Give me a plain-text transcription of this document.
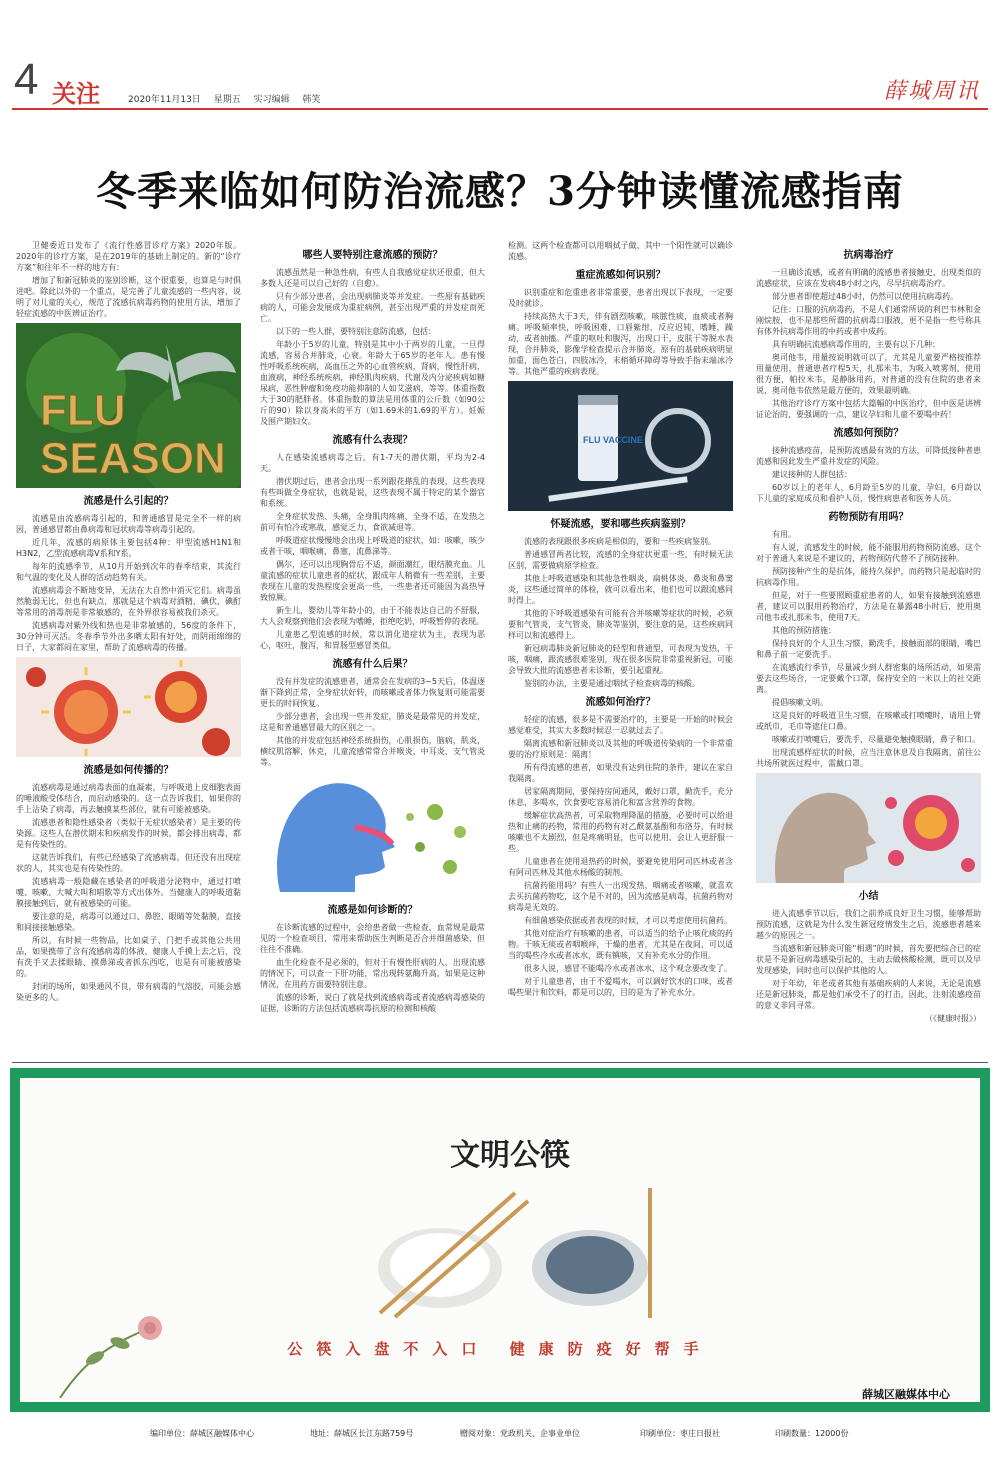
4 关注	2020年11月13日 星期五 实习编辑 韩笑	薛城周讯
冬季来临如何防治流感？3分钟读懂流感指南

卫健委近日发布了《流行性感冒诊疗方案》2020年版。2020年的诊疗方案，是在2019年的基础上制定的。新的“诊疗方案”和往年不一样的地方有：

增加了和新冠肺炎的鉴别诊断，这个很重要，也算是与时俱进吧。除此以外的一个重点，是完善了儿童流感的一些内容，说明了对儿童的关心，规范了流感抗病毒药物的使用方法，增加了轻症流感的中医辨证治疗。

FLU
SEASON
流感是什么引起的？

流感是由流感病毒引起的，和普通感冒是完全不一样的病因，普通感冒都由鼻病毒和冠状病毒等病毒引起的。

近几年，流感的病原体主要包括4种：甲型流感H1N1和H3N2，乙型流感病毒V系和Y系。

每年的流感季节，从10月开始到次年的春季结束，其流行和气温的变化及人群的活动趋势有关。

流感病毒会不断地变异，无法在大自然中消灭它们。病毒虽然脆弱无比，但也有缺点，那就是这个病毒对酒精、碘伏、碘酊等常用的消毒剂是非常敏感的，在外界很容易被我们杀灭。

流感病毒对紫外线和热也是非常敏感的，56度的条件下，30分钟可灭活。冬春季节外出多晒太阳有好处，而阴雨绵绵的日子，大家都闷在家里，帮助了流感病毒的传播。

流感是如何传播的？

流感病毒是通过病毒表面的血凝素，与呼吸道上皮细胞表面的唾液酸受体结合，而启动感染的。这一点告诉我们，如果你的手上沾染了病毒，再去触摸某些部位，就有可能被感染。

流感患者和隐性感染者（类似于无症状感染者）是主要的传染源。这些人在潜伏期末和疾病发作的时候，都会排出病毒，都是有传染性的。

这就告诉我们，有些已经感染了流感病毒，但还没有出现症状的人，其实也是有传染性的。

流感病毒一般隐藏在感染者的呼吸道分泌物中，通过打喷嚏、咳嗽、大喊大叫和唱歌等方式出体外。当健康人的呼吸道黏膜接触到后，就有被感染的可能。

要注意的是，病毒可以通过口、鼻腔、眼睛等处黏膜，直接和间接接触感染。

所以，有时候一些物品，比如桌子、门把手或其他公共用品，如果携带了含有流感病毒的体液，健康人手摸上去之后，没有洗手又去揉眼睛、摸鼻涕或者抓东西吃，也是有可能被感染的。

封闭的场所，如果通风不良，带有病毒的气溶胶，可能会感染更多的人。

哪些人要特别注意流感的预防？

流感虽然是一种急性病，有些人自我感觉症状还很重，但大多数人还是可以自己好的（自愈）。

只有少部分患者，会出现病肺炎等并发症。一些原有基础疾病的人，可能会发展成为重症病例，甚至出现严重的并发症而死亡。

以下的一些人群，要特别注意防流感，包括：

年龄小于5岁的儿童，特别是其中小于两岁的儿童，一旦得流感，容易合并肺炎，心衰。年龄大于65岁的老年人。患有慢性呼吸系统疾病，高血压之外的心血管疾病，肾病，慢性肝病，血液病，神经系统疾病，神经肌肉疾病，代谢及内分泌疾病如糖尿病，恶性肿瘤和免疫功能抑制的人如艾滋病，等等。体重指数大于30的肥胖者。体重指数的算法是用体重的公斤数（如90公斤的90）除以身高米的平方（如1.69米的1.69的平方）。妊娠及围产期妇女。

流感有什么表现？

人在感染流感病毒之后，有1-7天的潜伏期，平均为2-4天。

潜伏期过后，患者会出现一系列跟花搽乱的表现，这些表现有些叫做全身症状，也就是说，这些表现不属于特定的某个器官和系统。

全身症状发热、头痛，全身肌肉疼痛，全身不适，在发热之前可有怕冷或寒战，感觉乏力，食欲减退等。

呼吸道症状慢慢地会出现上呼吸道的症状，如：咳嗽，咳少或者干咳，咽喉痛，鼻塞，流鼻涕等。

偶尔，还可以出现胸骨后不适，颜面潮红，眼结膜充血。儿童流感的症状儿童患者的症状，跟成年人稍微有一些差别，主要表现在儿童的发热程度会更高一些，一些患者还可能因为高热导致惊厥。

新生儿，婴幼儿等年龄小的，由于不能表达自己的不舒服，大人会观察到他们会表现为嗜睡，拒绝吃奶，呼吸暂停的表现。

儿童患乙型流感的时候，常以消化道症状为主，表现为恶心，呕吐，腹泻，和胃肠型感冒类似。

流感有什么后果？

没有并发症的流感患者，通常会在发病的3~5天后，体温逐渐下降到正常，全身症状好转，而咳嗽或者体力恢复则可能需要更长的时间恢复。

少部分患者，会出现一些并发症，肺炎是最常见的并发症，这是和普通感冒最大的区别之一。

其他的并发症包括神经系统损伤，心肌损伤，脑病，肌炎，横纹肌溶解，休克，儿童流感常常合并喉炎，中耳炎，支气管炎等。

流感是如何诊断的？

在诊断流感的过程中，会给患者做一些检查，血常规是最常见的一个检查项目，常用来帮助医生判断是否合并细菌感染，但往往不准确。

血生化检查不是必须的，但对于有慢性肝病的人，出现流感的情况下，可以查一下肝功能，常出现转氨酶升高，如果是这种情况，在用药方面要特别注意。

流感的诊断，说白了就是找到流感病毒或者流感病毒感染的证据，诊断的方法包括流感病毒抗原的检测和核酸

检测。这两个检查都可以用咽拭子做，其中一个阳性就可以确诊流感。

重症流感如何识别？

识别重症和危重患者非常重要，患者出现以下表现，一定要及时就诊。

持续高热大于3天，伴有剧烈咳嗽，咳脓性痰，血痰或者胸痛。呼吸频率快，呼吸困难，口唇紫绀，反应迟钝，嗜睡，躁动，或者抽搐。严重的呕吐和腹泻，出现口干，皮肤干等脱水表现，合并肺炎，影像学检查提示合并肺炎。原有的基础疾病明显加重，面色苍白，四肢冰冷，末梢循环障碍等导致手指末端冰冷等。其他严重的疾病表现。

FLU VACCINE
怀疑流感，要和哪些疾病鉴别？

流感的表现跟很多疾病是相似的，要和一些疾病鉴别。

普通感冒两者比较，流感的全身症状更重一些，有时候无法区别，需要做病原学检查。

其他上呼吸道感染和其他急性咽炎，扁桃体炎，鼻炎和鼻窦炎，这些通过简单的体检，就可以看出来，他们也可以跟流感同时得上。

其他的下呼吸道感染有可能有合并咳嗽等症状的时候，必须要和气管炎，支气管炎，肺炎等鉴别，要注意的是，这些疾病同样可以和流感得上。

新冠病毒肺炎新冠肺炎的轻型和普通型，可表现为发热，干咳，咽痛，跟流感很难鉴别，现在很多医院非常重视新冠，可能会导致大批的流感患者未诊断，要引起重视。

鉴别的办法，主要是通过咽拭子检查病毒的核酸。

流感如何治疗？

轻症的流感，很多是不需要治疗的，主要是一开始的时候会感觉难受，其实大多数时候忍一忍就过去了。

隔离流感和新冠肺炎以及其他的呼吸道传染病的一个非常重要的治疗原则是：隔离！

所有得流感的患者，如果没有达到住院的条件，建议在家自我隔离。

居家隔离期间，要保持房间通风，戴好口罩，勤洗手，充分休息，多喝水，饮食要吃容易消化和富含营养的食物。

缓解症状高热者，可采取物理降温的措施，必要时可以给退热和止痛的药物，常用的药物有对乙酰氨基酚和布洛芬，有时候咳嗽也不太剧烈，但是疼痛明显，也可以使用，会让人更舒服一些。

儿童患者在使用退热药的时候，要避免使用阿司匹林或者含有阿司匹林及其他水杨酸的制剂。

抗菌药能用吗？有些人一出现发热，咽痛或者咳嗽，就喜欢去买抗菌药物吃，这个是不对的，因为流感是病毒，抗菌药物对病毒是无效的。

有细菌感染依据或者表现的时候，才可以考虑使用抗菌药。

其他对症治疗有咳嗽的患者，可以适当的给予止咳化痰的药物。干咳无痰或者咽喉痒，干燥的患者，尤其是在夜间，可以适当的喝些冷水或者冰水，既有镇咳，又有补充水分的作用。

很多人说，感冒不能喝冷水或者冰水，这个观念要改变了。

对于儿童患者，由于不爱喝水，可以调好饮水的口味，或者喝些果汁和饮料，都是可以的，目的是为了补充水分。

抗病毒治疗

一旦确诊流感，或者有明确的流感患者接触史，出现类似的流感症状，应该在发病48小时之内，尽早抗病毒治疗。

部分患者即使超过48小时，仍然可以使用抗病毒药。

记住：口服的抗病毒药，不是人们通常所说的利巴韦林和金刚烷胺，也不是那些所谓的抗病毒口服液，更不是指一些号称具有体外抗病毒作用的中药或者中成药。

具有明确抗流感病毒作用的，主要有以下几种：

奥司他韦，用量按说明就可以了，尤其是儿童要严格按推荐用量使用，普通患者疗程5天，扎那米韦，为吸入喷雾剂，使用很方便，帕拉米韦，是静脉用药，对普通的没有住院的患者来说，奥司他韦依然是最方便的，效果最明确。

其他治疗诊疗方案中包括大篇幅的中医治疗，但中医是讲辨证论治的，要强调的一点，建议孕妇和儿童不要喝中药！

流感如何预防？

接种流感疫苗，是预防流感最有效的方法，可降低接种者患流感和因此发生严重并发症的风险。

建议接种的人群包括：

60岁以上的老年人，6月龄至5岁的儿童，孕妇，6月龄以下儿童的家庭成员和看护人员，慢性病患者和医务人员。

药物预防有用吗？

有用。

有人说，流感发生的时候，能不能服用药物预防流感，这个对于普通人来说是不建议的，药物预防代替不了预防接种。

预防接种产生的是抗体，能持久保护，而药物只是起临时的抗病毒作用。

但是，对于一些要照顾重症患者的人，如果有接触到流感患者，建议可以服用药物治疗，方法是在暴露48小时后，使用奥司他韦或扎那米韦，使用7天。

其他的预防措施：

保持良好的个人卫生习惯，勤洗手，接触面部的眼睛，嘴巴和鼻子前一定要洗手。

在流感流行季节，尽量减少到人群密集的场所活动，如果需要去这些场合，一定要戴个口罩，保持安全的一米以上的社交距离。

提倡咳嗽文明。

这是良好的呼吸道卫生习惯，在咳嗽或打喷嚏时，请用上臂或纸巾，毛巾等遮住口鼻。

咳嗽或打喷嚏后，要洗手，尽量避免触摸眼睛，鼻子和口。

出现流感样症状的时候，应当注意休息及自我隔离，前往公共场所就医过程中，需戴口罩。

小结

进入流感季节以后，我们之前养成良好卫生习惯，能够帮助预防流感，这就是为什么发生新冠疫情发生之后，流感患者越来越少的原因之一。

当流感和新冠肺炎可能“相遇”的时候，首先要把综合已的症状是不是新冠病毒感染引起的，主动去做核酸检测，既可以及早发现感染，同时也可以保护其他的人。

对于年幼，年老或者其他有基础疾病的人来说，无论是流感还是新冠肺炎，都是他们承受不了的打击，因此，注射流感疫苗的意义非同寻常。

（《健康时报》）
文明公筷
公筷入盘不入口 健康防疫好帮手
薛城区融媒体中心
编印单位：薛城区融媒体中心	地址：薛城区长江东路759号	赠阅对象：党政机关、企事业单位	印刷单位：枣庄日报社	印刷数量：12000份
